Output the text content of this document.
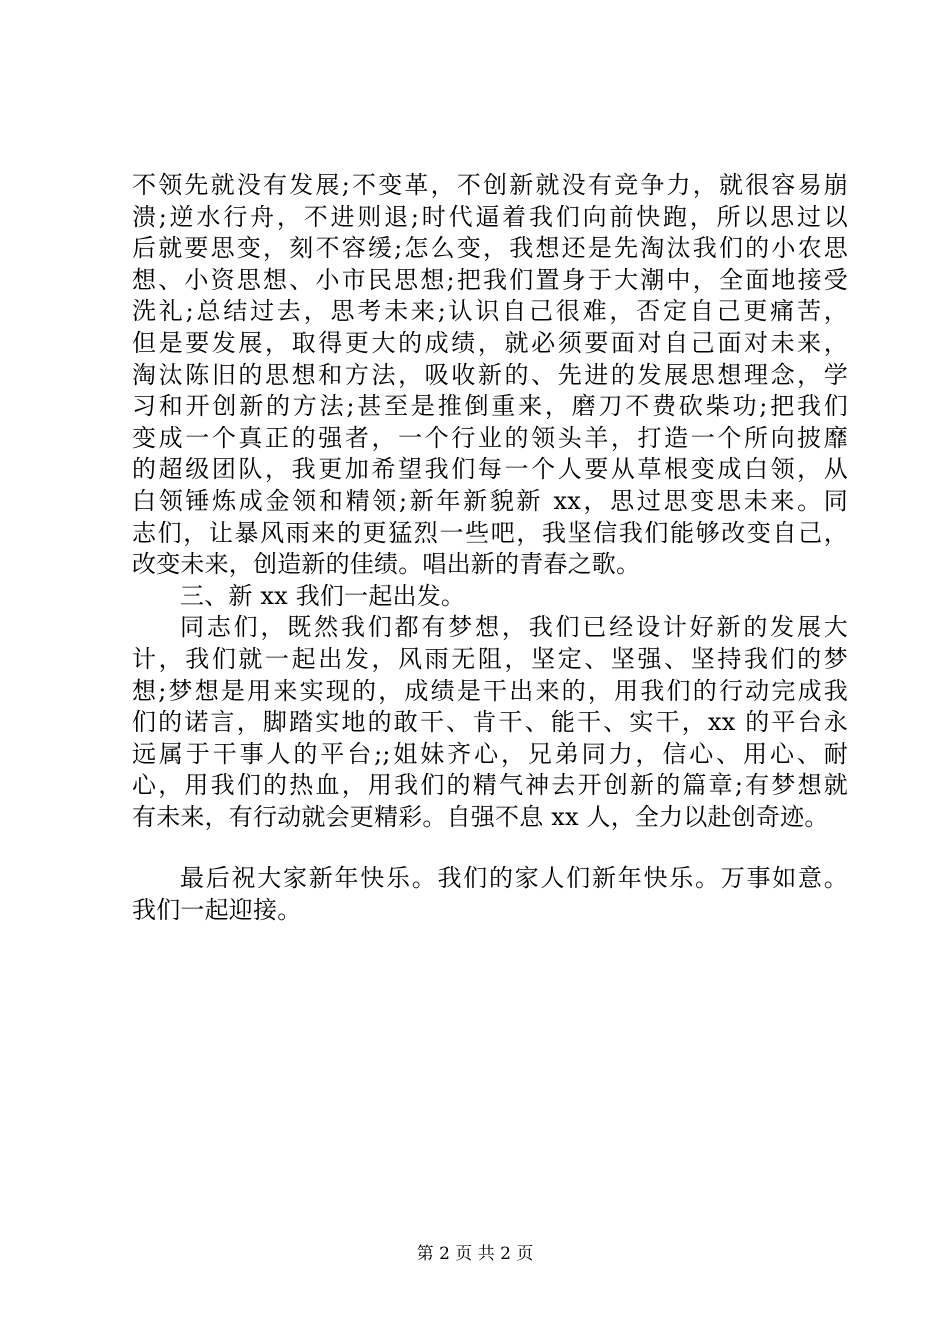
不领先就没有发展;不变革，不创新就没有竞争力，就很容易崩
溃;逆水行舟，不进则退;时代逼着我们向前快跑，所以思过以
后就要思变，刻不容缓;怎么变，我想还是先淘汰我们的小农思
想、小资思想、小市民思想;把我们置身于大潮中，全面地接受
洗礼;总结过去，思考未来;认识自己很难，否定自己更痛苦，
但是要发展，取得更大的成绩，就必须要面对自己面对未来，
淘汰陈旧的思想和方法，吸收新的、先进的发展思想理念，学
习和开创新的方法;甚至是推倒重来，磨刀不费砍柴功;把我们
变成一个真正的强者，一个行业的领头羊，打造一个所向披靡
的超级团队，我更加希望我们每一个人要从草根变成白领，从
白领锤炼成金领和精领;新年新貌新 xx，思过思变思未来。同
志们，让暴风雨来的更猛烈一些吧，我坚信我们能够改变自己，
改变未来，创造新的佳绩。唱出新的青春之歌。
三、新 xx 我们一起出发。
同志们，既然我们都有梦想，我们已经设计好新的发展大
计，我们就一起出发，风雨无阻，坚定、坚强、坚持我们的梦
想;梦想是用来实现的，成绩是干出来的，用我们的行动完成我
们的诺言，脚踏实地的敢干、肯干、能干、实干，xx 的平台永
远属于干事人的平台;;姐妹齐心，兄弟同力，信心、用心、耐
心，用我们的热血，用我们的精气神去开创新的篇章;有梦想就
有未来，有行动就会更精彩。自强不息 xx 人，全力以赴创奇迹。
最后祝大家新年快乐。我们的家人们新年快乐。万事如意。
我们一起迎接。
第 2 页 共 2 页
